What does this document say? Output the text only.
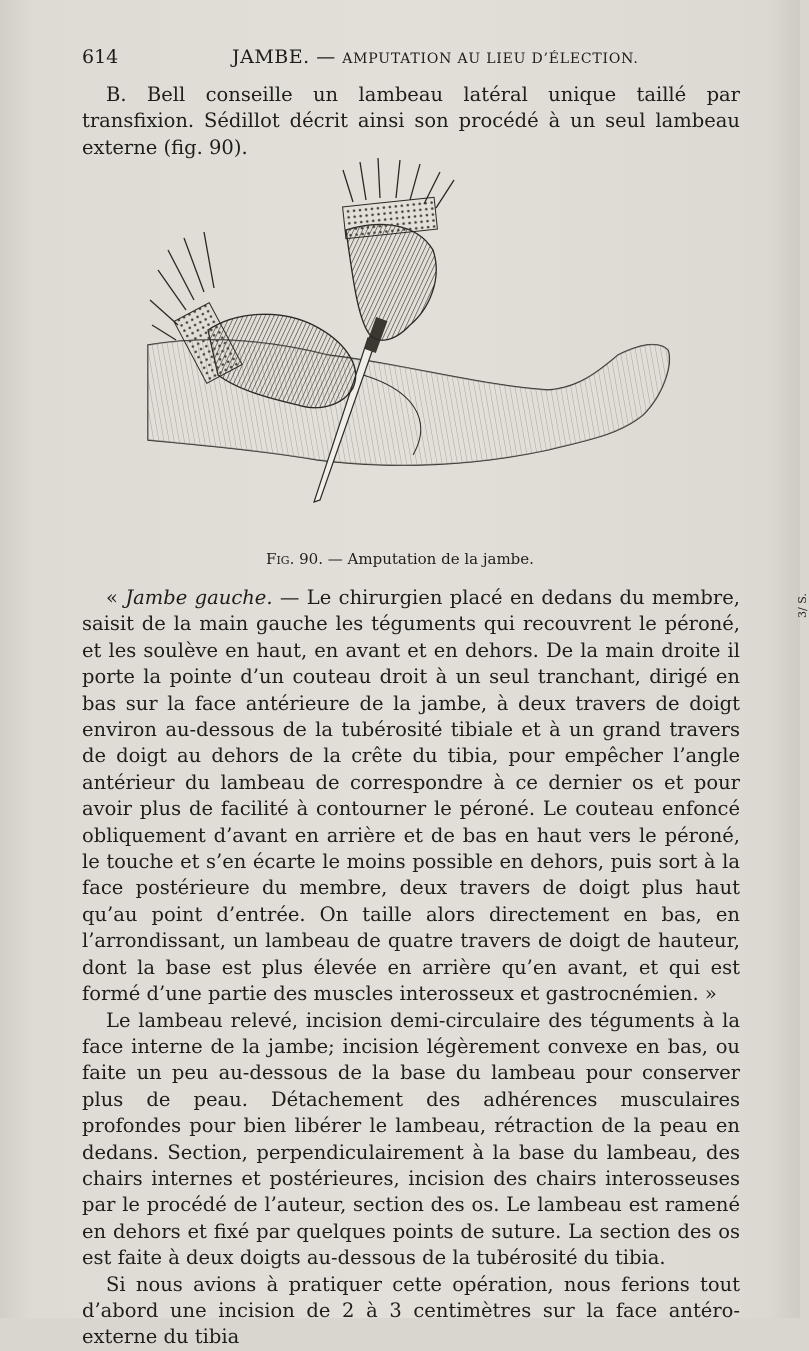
614	JAMBE. — AMPUTATION AU LIEU D’ÉLECTION.

B. Bell conseille un lambeau latéral unique taillé par transfixion. Sédillot décrit ainsi son procédé à un seul lambeau externe (fig. 90).

3/ S.
Fig. 90. — Amputation de la jambe.

« Jambe gauche. — Le chirurgien placé en dedans du membre, saisit de la main gauche les téguments qui recouvrent le péroné, et les soulève en haut, en avant et en dehors. De la main droite il porte la pointe d’un couteau droit à un seul tranchant, dirigé en bas sur la face antérieure de la jambe, à deux travers de doigt environ au-dessous de la tubérosité tibiale et à un grand travers de doigt au dehors de la crête du tibia, pour empêcher l’angle antérieur du lambeau de correspondre à ce dernier os et pour avoir plus de facilité à contourner le péroné. Le couteau enfoncé obliquement d’avant en arrière et de bas en haut vers le péroné, le touche et s’en écarte le moins possible en dehors, puis sort à la face postérieure du membre, deux travers de doigt plus haut qu’au point d’entrée. On taille alors directement en bas, en l’arrondissant, un lambeau de quatre travers de doigt de hauteur, dont la base est plus élevée en arrière qu’en avant, et qui est formé d’une partie des muscles interosseux et gastrocnémien. »

Le lambeau relevé, incision demi-circulaire des téguments à la face interne de la jambe; incision légèrement convexe en bas, ou faite un peu au-dessous de la base du lambeau pour conserver plus de peau. Détachement des adhérences musculaires profondes pour bien libérer le lambeau, rétraction de la peau en dedans. Section, perpendiculairement à la base du lambeau, des chairs internes et postérieures, incision des chairs interosseuses par le procédé de l’auteur, section des os. Le lambeau est ramené en dehors et fixé par quelques points de suture. La section des os est faite à deux doigts au-dessous de la tubérosité du tibia.

Si nous avions à pratiquer cette opération, nous ferions tout d’abord une incision de 2 à 3 centimètres sur la face antéro-externe du tibia
